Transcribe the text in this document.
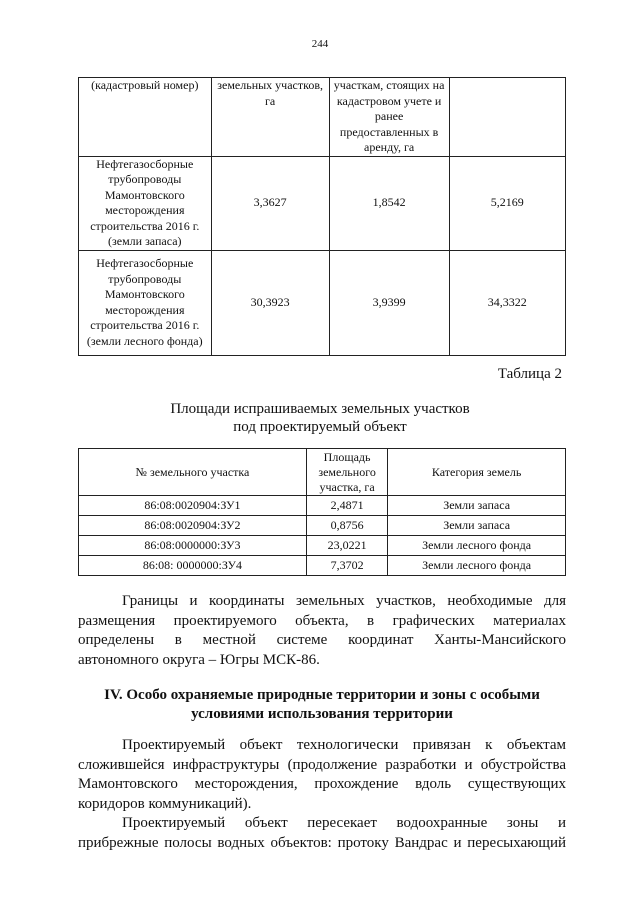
244
(кадастровый номер)	земельных участков, га	участкам, стоящих на кадастровом учете и ранее предоставленных в аренду, га	
Нефтегазосборные трубопроводы Мамонтовского месторождения строительства 2016 г. (земли запаса)	3,3627	1,8542	5,2169
Нефтегазосборные трубопроводы Мамонтовского месторождения строительства 2016 г. (земли лесного фонда)	30,3923	3,9399	34,3322
Таблица 2
Площади испрашиваемых земельных участков
под проектируемый объект
№ земельного участка	Площадь земельного участка, га	Категория земель
86:08:0020904:ЗУ1	2,4871	Земли запаса
86:08:0020904:ЗУ2	0,8756	Земли запаса
86:08:0000000:ЗУ3	23,0221	Земли лесного фонда
86:08: 0000000:ЗУ4	7,3702	Земли лесного фонда
Границы и координаты земельных участков, необходимые для
размещения проектируемого объекта, в графических материалах
определены в местной системе координат Ханты-Мансийского
автономного округа – Югры МСК-86.
IV. Особо охраняемые природные территории и зоны с особыми
условиями использования территории
Проектируемый объект технологически привязан к объектам
сложившейся инфраструктуры (продолжение разработки и обустройства
Мамонтовского месторождения, прохождение вдоль существующих
коридоров коммуникаций).
Проектируемый объект пересекает водоохранные зоны и
прибрежные полосы водных объектов: протоку Вандрас и пересыхающий
